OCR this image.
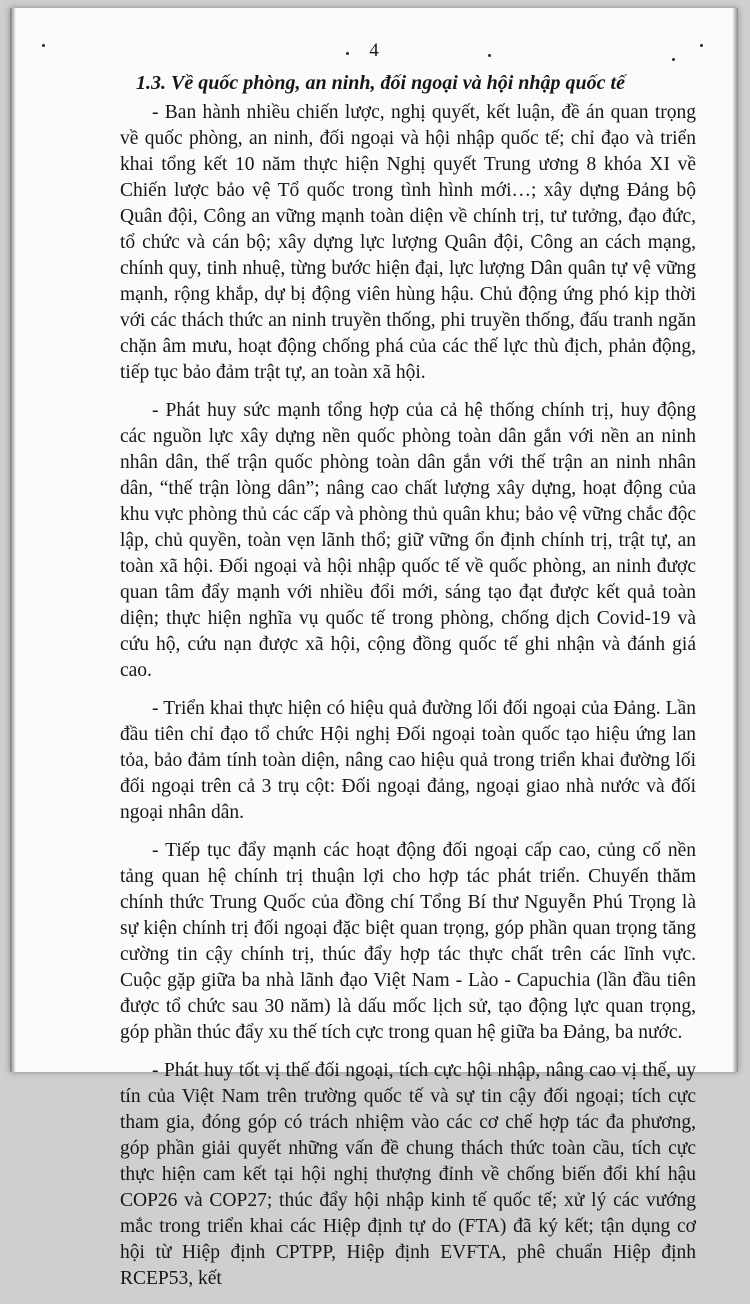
4

1.3. Về quốc phòng, an ninh, đối ngoại và hội nhập quốc tế

- Ban hành nhiều chiến lược, nghị quyết, kết luận, đề án quan trọng về quốc phòng, an ninh, đối ngoại và hội nhập quốc tế; chỉ đạo và triển khai tổng kết 10 năm thực hiện Nghị quyết Trung ương 8 khóa XI về Chiến lược bảo vệ Tổ quốc trong tình hình mới…; xây dựng Đảng bộ Quân đội, Công an vững mạnh toàn diện về chính trị, tư tưởng, đạo đức, tổ chức và cán bộ; xây dựng lực lượng Quân đội, Công an cách mạng, chính quy, tinh nhuệ, từng bước hiện đại, lực lượng Dân quân tự vệ vững mạnh, rộng khắp, dự bị động viên hùng hậu. Chủ động ứng phó kịp thời với các thách thức an ninh truyền thống, phi truyền thống, đấu tranh ngăn chặn âm mưu, hoạt động chống phá của các thế lực thù địch, phản động, tiếp tục bảo đảm trật tự, an toàn xã hội.

- Phát huy sức mạnh tổng hợp của cả hệ thống chính trị, huy động các nguồn lực xây dựng nền quốc phòng toàn dân gắn với nền an ninh nhân dân, thế trận quốc phòng toàn dân gắn với thế trận an ninh nhân dân, “thế trận lòng dân”; nâng cao chất lượng xây dựng, hoạt động của khu vực phòng thủ các cấp và phòng thủ quân khu; bảo vệ vững chắc độc lập, chủ quyền, toàn vẹn lãnh thổ; giữ vững ổn định chính trị, trật tự, an toàn xã hội. Đối ngoại và hội nhập quốc tế về quốc phòng, an ninh được quan tâm đẩy mạnh với nhiều đổi mới, sáng tạo đạt được kết quả toàn diện; thực hiện nghĩa vụ quốc tế trong phòng, chống dịch Covid-19 và cứu hộ, cứu nạn được xã hội, cộng đồng quốc tế ghi nhận và đánh giá cao.

- Triển khai thực hiện có hiệu quả đường lối đối ngoại của Đảng. Lần đầu tiên chỉ đạo tổ chức Hội nghị Đối ngoại toàn quốc tạo hiệu ứng lan tỏa, bảo đảm tính toàn diện, nâng cao hiệu quả trong triển khai đường lối đối ngoại trên cả 3 trụ cột: Đối ngoại đảng, ngoại giao nhà nước và đối ngoại nhân dân.

- Tiếp tục đẩy mạnh các hoạt động đối ngoại cấp cao, củng cố nền tảng quan hệ chính trị thuận lợi cho hợp tác phát triển. Chuyến thăm chính thức Trung Quốc của đồng chí Tổng Bí thư Nguyễn Phú Trọng là sự kiện chính trị đối ngoại đặc biệt quan trọng, góp phần quan trọng tăng cường tin cậy chính trị, thúc đẩy hợp tác thực chất trên các lĩnh vực. Cuộc gặp giữa ba nhà lãnh đạo Việt Nam - Lào - Capuchia (lần đầu tiên được tổ chức sau 30 năm) là dấu mốc lịch sử, tạo động lực quan trọng, góp phần thúc đẩy xu thế tích cực trong quan hệ giữa ba Đảng, ba nước.

- Phát huy tốt vị thế đối ngoại, tích cực hội nhập, nâng cao vị thế, uy tín của Việt Nam trên trường quốc tế và sự tin cậy đối ngoại; tích cực tham gia, đóng góp có trách nhiệm vào các cơ chế hợp tác đa phương, góp phần giải quyết những vấn đề chung thách thức toàn cầu, tích cực thực hiện cam kết tại hội nghị thượng đỉnh về chống biến đổi khí hậu COP26 và COP27; thúc đẩy hội nhập kinh tế quốc tế; xử lý các vướng mắc trong triển khai các Hiệp định tự do (FTA) đã ký kết; tận dụng cơ hội từ Hiệp định CPTPP, Hiệp định EVFTA, phê chuẩn Hiệp định RCEP53, kết
